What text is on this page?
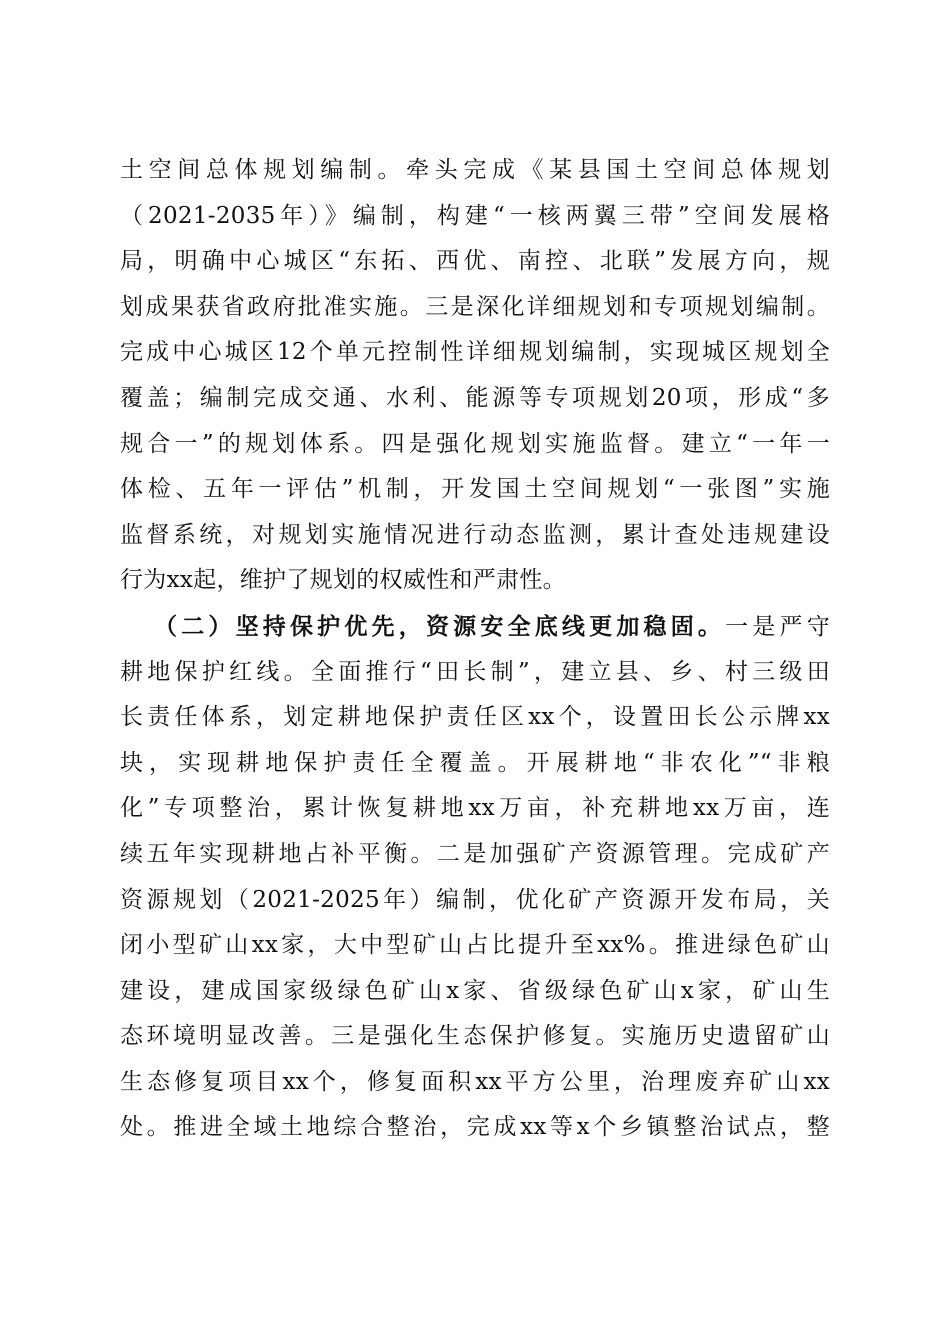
土空间总体规划编制。牵头完成《某县国土空间总体规划
（2021-2035年）》编制，构建“一核两翼三带”空间发展格
局，明确中心城区“东拓、西优、南控、北联”发展方向，规
划成果获省政府批准实施。三是深化详细规划和专项规划编制。
完成中心城区12个单元控制性详细规划编制，实现城区规划全
覆盖；编制完成交通、水利、能源等专项规划20项，形成“多
规合一”的规划体系。四是强化规划实施监督。建立“一年一
体检、五年一评估”机制，开发国土空间规划“一张图”实施
监督系统，对规划实施情况进行动态监测，累计查处违规建设
行为xx起，维护了规划的权威性和严肃性。
（二）坚持保护优先，资源安全底线更加稳固。一是严守
耕地保护红线。全面推行“田长制”，建立县、乡、村三级田
长责任体系，划定耕地保护责任区xx个，设置田长公示牌xx
块，实现耕地保护责任全覆盖。开展耕地“非农化”“非粮
化”专项整治，累计恢复耕地xx万亩，补充耕地xx万亩，连
续五年实现耕地占补平衡。二是加强矿产资源管理。完成矿产
资源规划（2021-2025年）编制，优化矿产资源开发布局，关
闭小型矿山xx家，大中型矿山占比提升至xx%。推进绿色矿山
建设，建成国家级绿色矿山x家、省级绿色矿山x家，矿山生
态环境明显改善。三是强化生态保护修复。实施历史遗留矿山
生态修复项目xx个，修复面积xx平方公里，治理废弃矿山xx
处。推进全域土地综合整治，完成xx等x个乡镇整治试点，整
